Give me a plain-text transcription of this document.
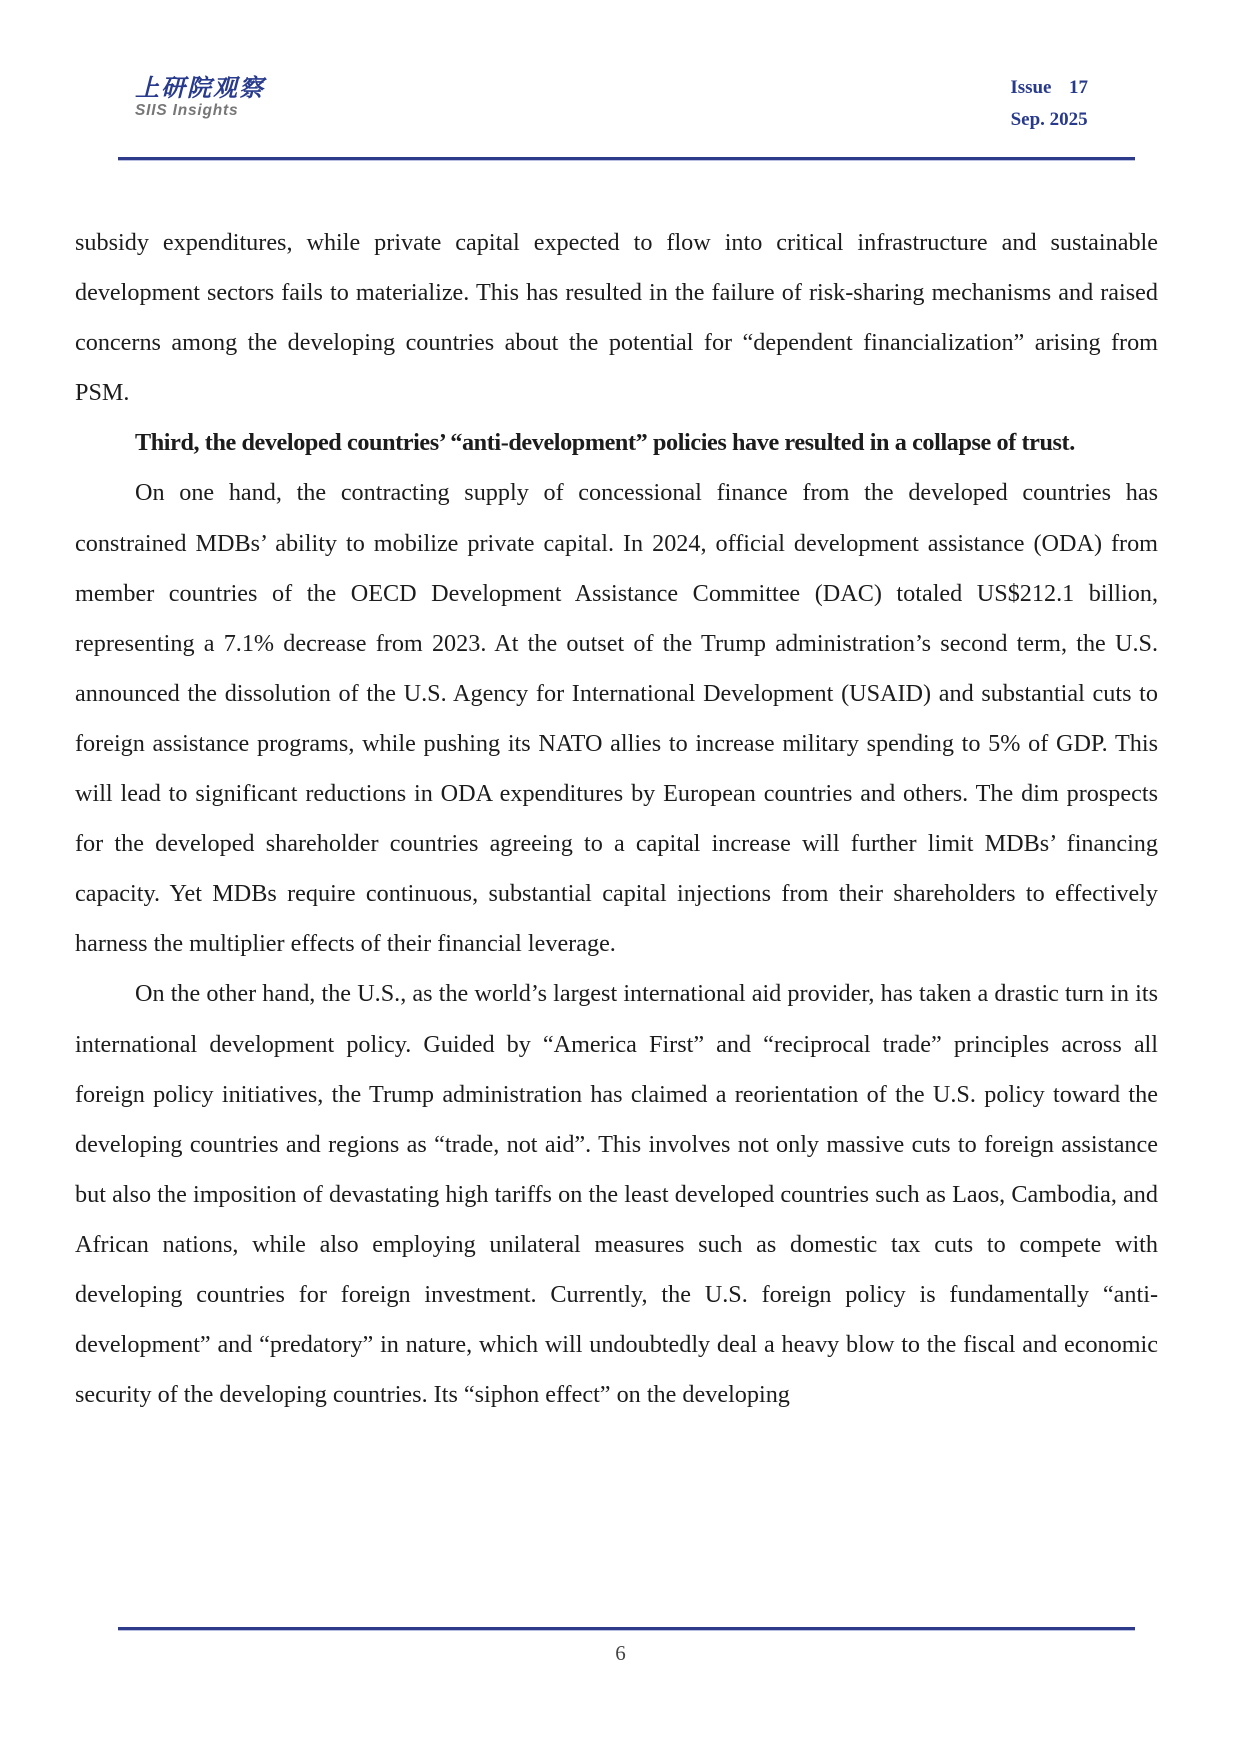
上研院观察
SIIS Insights
Issue  17
Sep. 2025

subsidy expenditures, while private capital expected to flow into critical infrastructure and sustainable development sectors fails to materialize. This has resulted in the failure of risk-sharing mechanisms and raised concerns among the developing countries about the potential for “dependent financialization” arising from PSM.

Third, the developed countries’ “anti-development” policies have resulted in a collapse of trust.

On one hand, the contracting supply of concessional finance from the developed countries has constrained MDBs’ ability to mobilize private capital. In 2024, official development assistance (ODA) from member countries of the OECD Development Assistance Committee (DAC) totaled US$212.1 billion, representing a 7.1% decrease from 2023. At the outset of the Trump administration’s second term, the U.S. announced the dissolution of the U.S. Agency for International Development (USAID) and substantial cuts to foreign assistance programs, while pushing its NATO allies to increase military spending to 5% of GDP. This will lead to significant reductions in ODA expenditures by European countries and others. The dim prospects for the developed shareholder countries agreeing to a capital increase will further limit MDBs’ financing capacity. Yet MDBs require continuous, substantial capital injections from their shareholders to effectively harness the multiplier effects of their financial leverage.

On the other hand, the U.S., as the world’s largest international aid provider, has taken a drastic turn in its international development policy. Guided by “America First” and “reciprocal trade” principles across all foreign policy initiatives, the Trump administration has claimed a reorientation of the U.S. policy toward the developing countries and regions as “trade, not aid”. This involves not only massive cuts to foreign assistance but also the imposition of devastating high tariffs on the least developed countries such as Laos, Cambodia, and African nations, while also employing unilateral measures such as domestic tax cuts to compete with developing countries for foreign investment. Currently, the U.S. foreign policy is fundamentally “anti-development” and “predatory” in nature, which will undoubtedly deal a heavy blow to the fiscal and economic security of the developing countries. Its “siphon effect” on the developing

6
